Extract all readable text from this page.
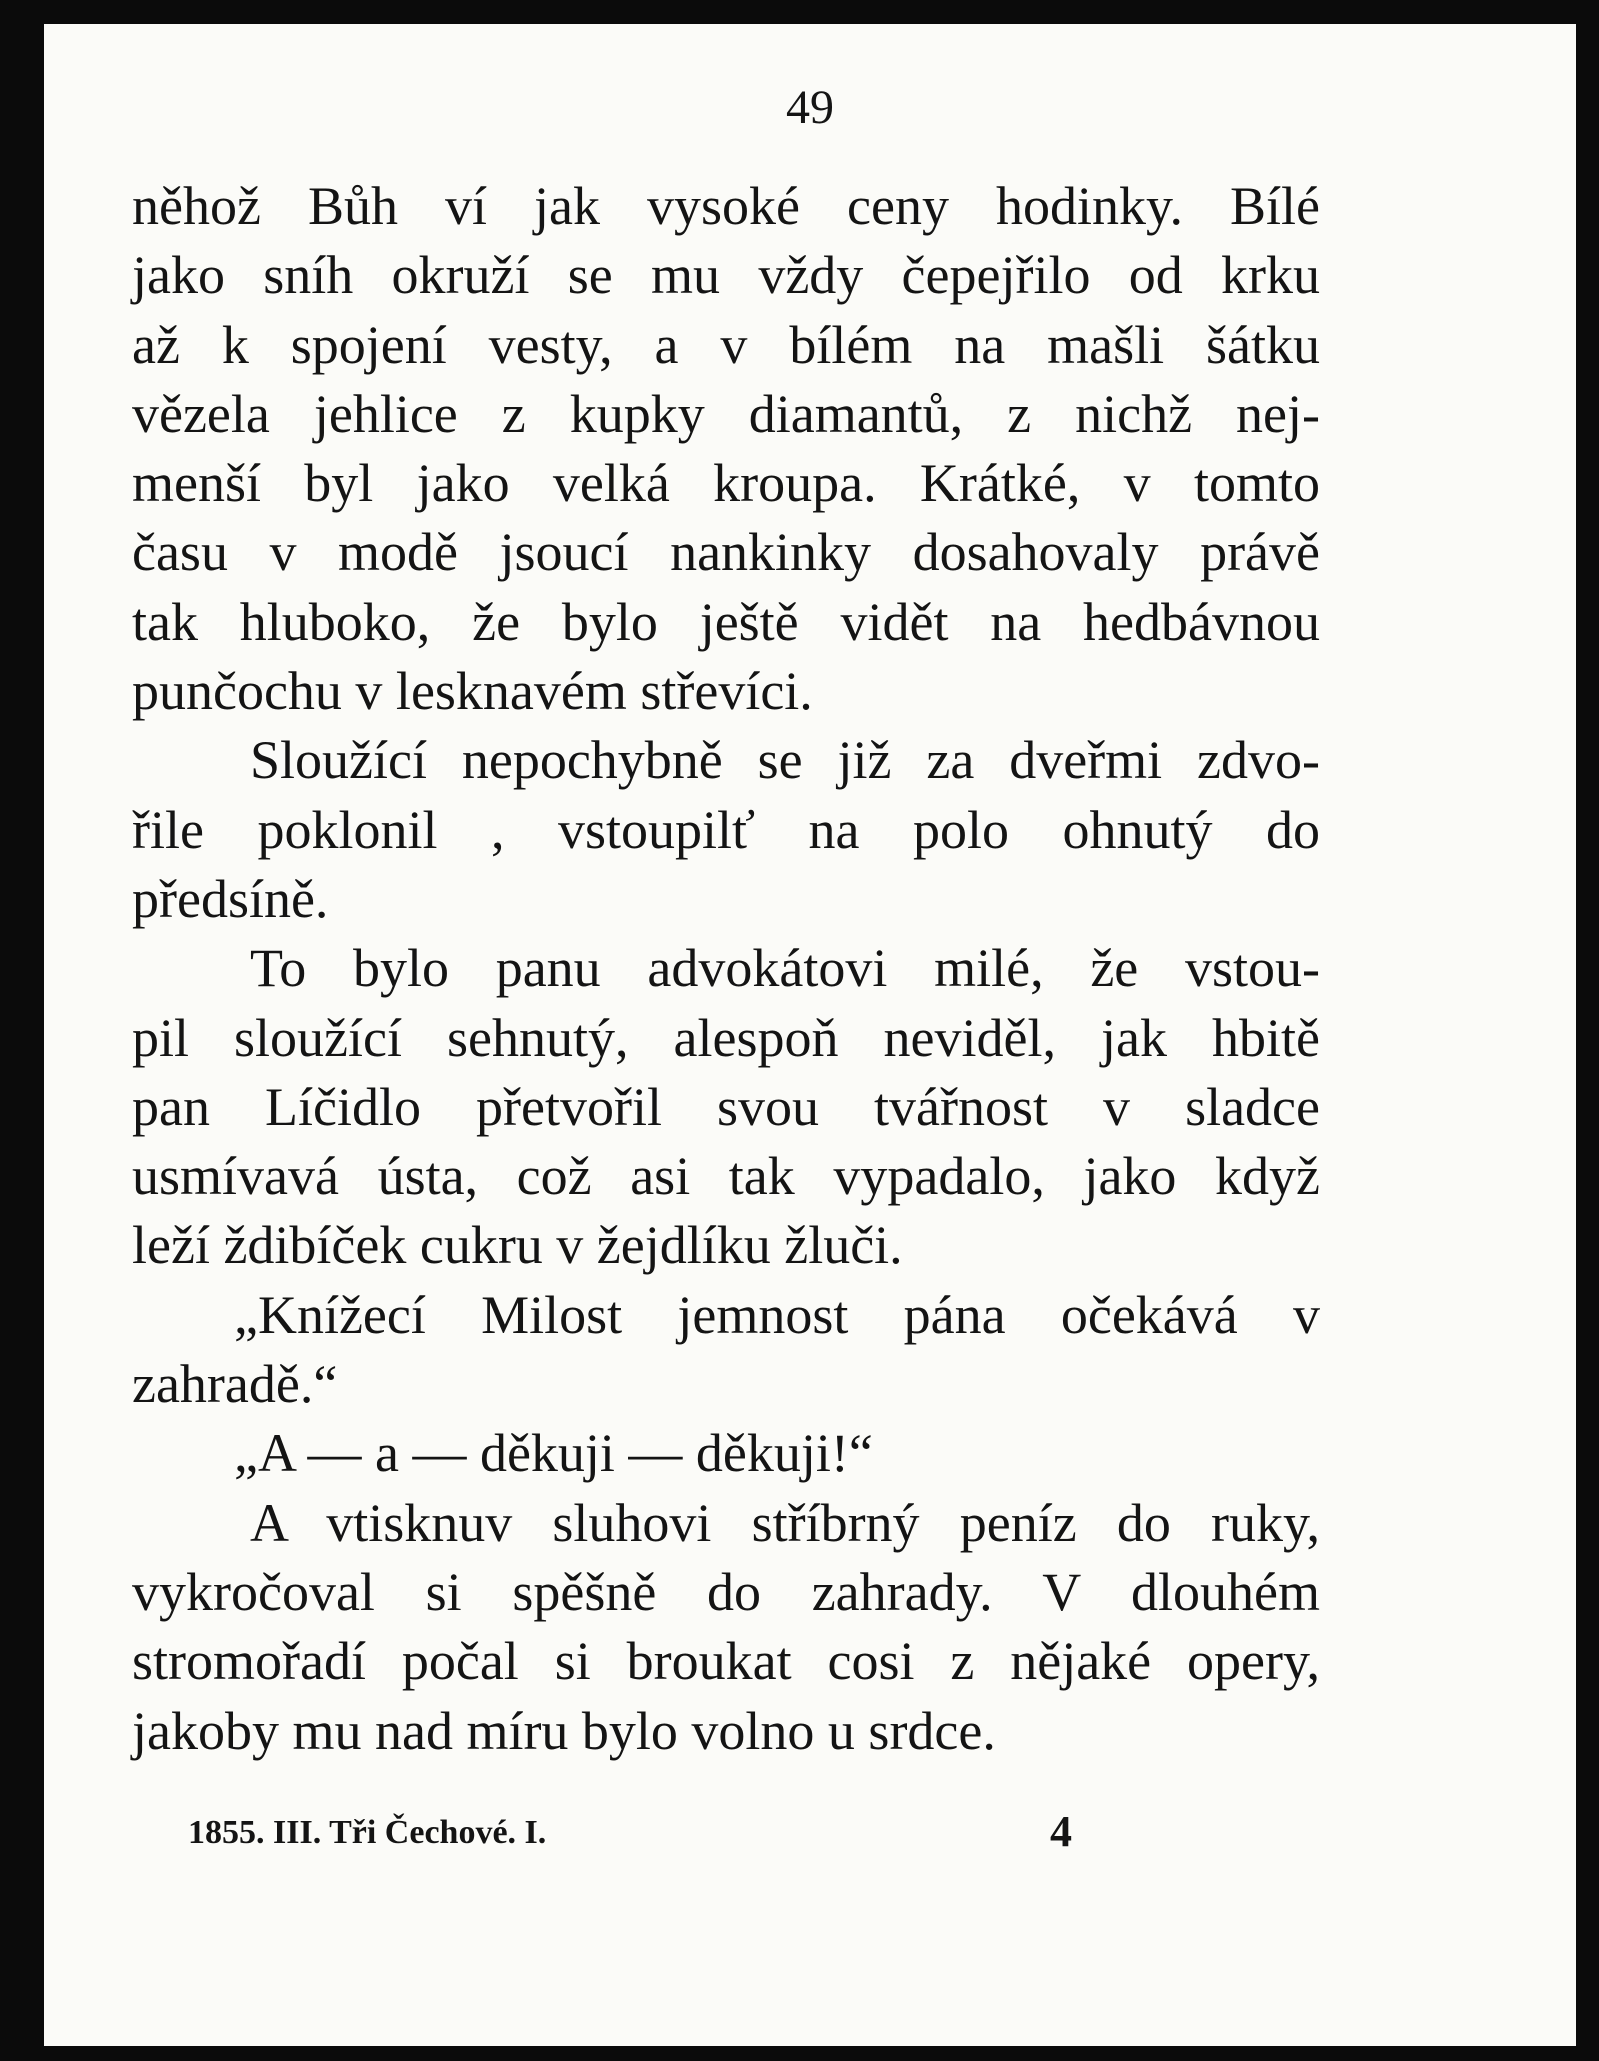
49
něhož Bůh ví jak vysoké ceny hodinky. Bílé
jako sníh okruží se mu vždy čepejřilo od krku
až k spojení vesty, a v bílém na mašli šátku
vězela jehlice z kupky diamantů, z nichž nej-
menší byl jako velká kroupa. Krátké, v tomto
času v modě jsoucí nankinky dosahovaly právě
tak hluboko, že bylo ještě vidět na hedbávnou
punčochu v lesknavém střevíci.
Sloužící nepochybně se již za dveřmi zdvo-
řile poklonil , vstoupilť na polo ohnutý do
předsíně.
To bylo panu advokátovi milé, že vstou-
pil sloužící sehnutý, alespoň neviděl, jak hbitě
pan Líčidlo přetvořil svou tvářnost v sladce
usmívavá ústa, což asi tak vypadalo, jako když
leží ždibíček cukru v žejdlíku žluči.
„Knížecí Milost jemnost pána očekává v
zahradě.“
„A — a — děkuji — děkuji!“
A vtisknuv sluhovi stříbrný peníz do ruky,
vykročoval si spěšně do zahrady. V dlouhém
stromořadí počal si broukat cosi z nějaké opery,
jakoby mu nad míru bylo volno u srdce.
1855. III. Tři Čechové. I.	4
